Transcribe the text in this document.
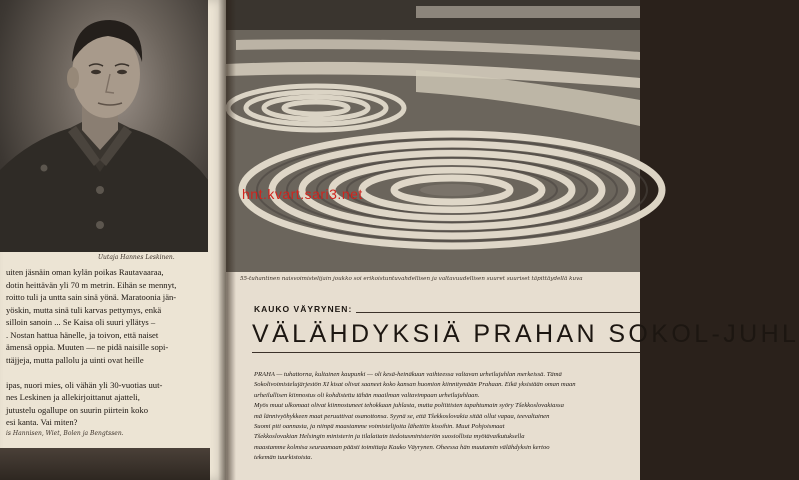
Uutaja Hannes Leskinen.

uiten jäsnäin oman kylän poikas Rautavaaraa,

dotin heittävän yli 70 m metrin. Eihän se mennyt,

roitto tuli ja untta sain sinä yönä. Maratoonia jän-

yöskin, mutta sinä tuli karvas pettymys, enkä

silloin sanoin ... Se Kaisa oli suuri yllätys –

. Nostan hattua hänelle, ja toivon, että naiset

ämensä oppia. Muuten — ne pidä naisille sopi-

ttäjjeja, mutta pallolu ja uinti ovat heille

ipas, nuori mies, oli vähän yli 30-vuotias uut-

nes Leskinen ja allekirjoittanut ajatteli,

jutustelu ogallupe on suurin piirtein koko

esi kanta. Vai miten?

is Hannisen, Wiet, Bolen ja Bengtssen.
hnt.kvart.sari3.net
55-tuhantinen naisvoimistelijain joukko soi erikoistuntuvahdellisen ja valtavuudellisen suuret suuriset täpittäydellä kuva
KAUKO VÄYRYNEN:
VÄLÄHDYKSIÄ PRAHAN SOKOL-JUHL

PRAHA — tuhattorna, kultainen kaupunki — oli kesä-heinäkuun vaihteessa valtavan urheilujuhlan merkeissä. Tämä

Sokolivoimistelujärjestön XI kisat olivat saaneet koko kansan huomion kiinnitymään Prahaan. Eikä yksistään oman maan

urheilullisen kiinnostus oli kohdistettu tähän maailman valtavimpaan urheilujuhlaan.

Myös muut ulkomaat olivat kiinnostuneet tehokkaan juhlasta, mutta poliittisten tapahtumain syöry Tšekkoslovakiassa

mä lännivyöhykkeen maat peruuttivat osanottonsa. Syynä se, että Tšekkoslovakia sitää ollut vapaa, teevaltainen

Suomi piti oannasta, ja niinpä maastamme voimistelijoita lähettiin kisoihin. Muut Pohjoismaat

Tšekkoslovakian Helsingin ministerin ja tilalaitain tiedotusministeriön suosiollista myötävaikutuksella

maastamme kolmisa seuraamaan päästi toimittaja Kauko Väyrynen. Oheessa hän muutamin välähdyksin kertoo

tekemän tuurkistoista.
